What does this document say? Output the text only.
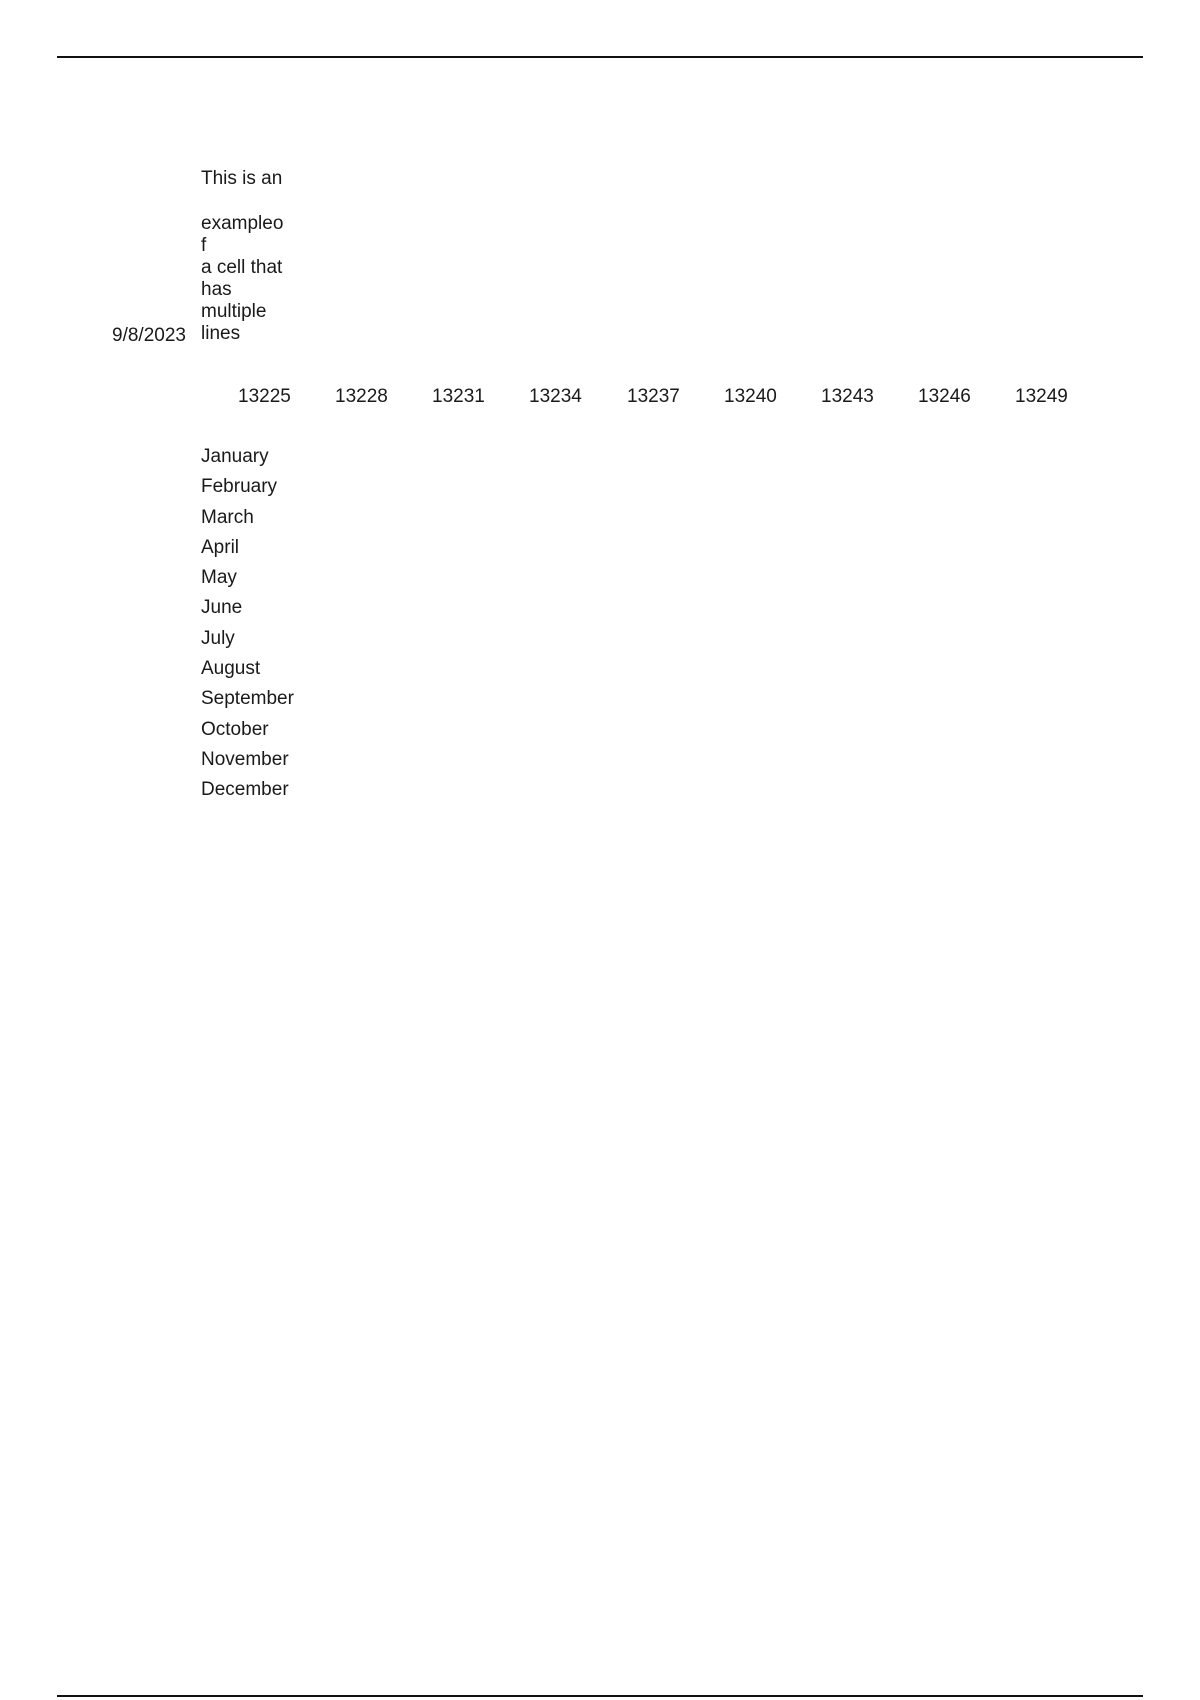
This is an
exampleo
f
a cell that
has
multiple
lines
9/8/2023
13225 13228 13231 13234 13237 13240 13243 13246 13249
January
February
March
April
May
June
July
August
September
October
November
December
